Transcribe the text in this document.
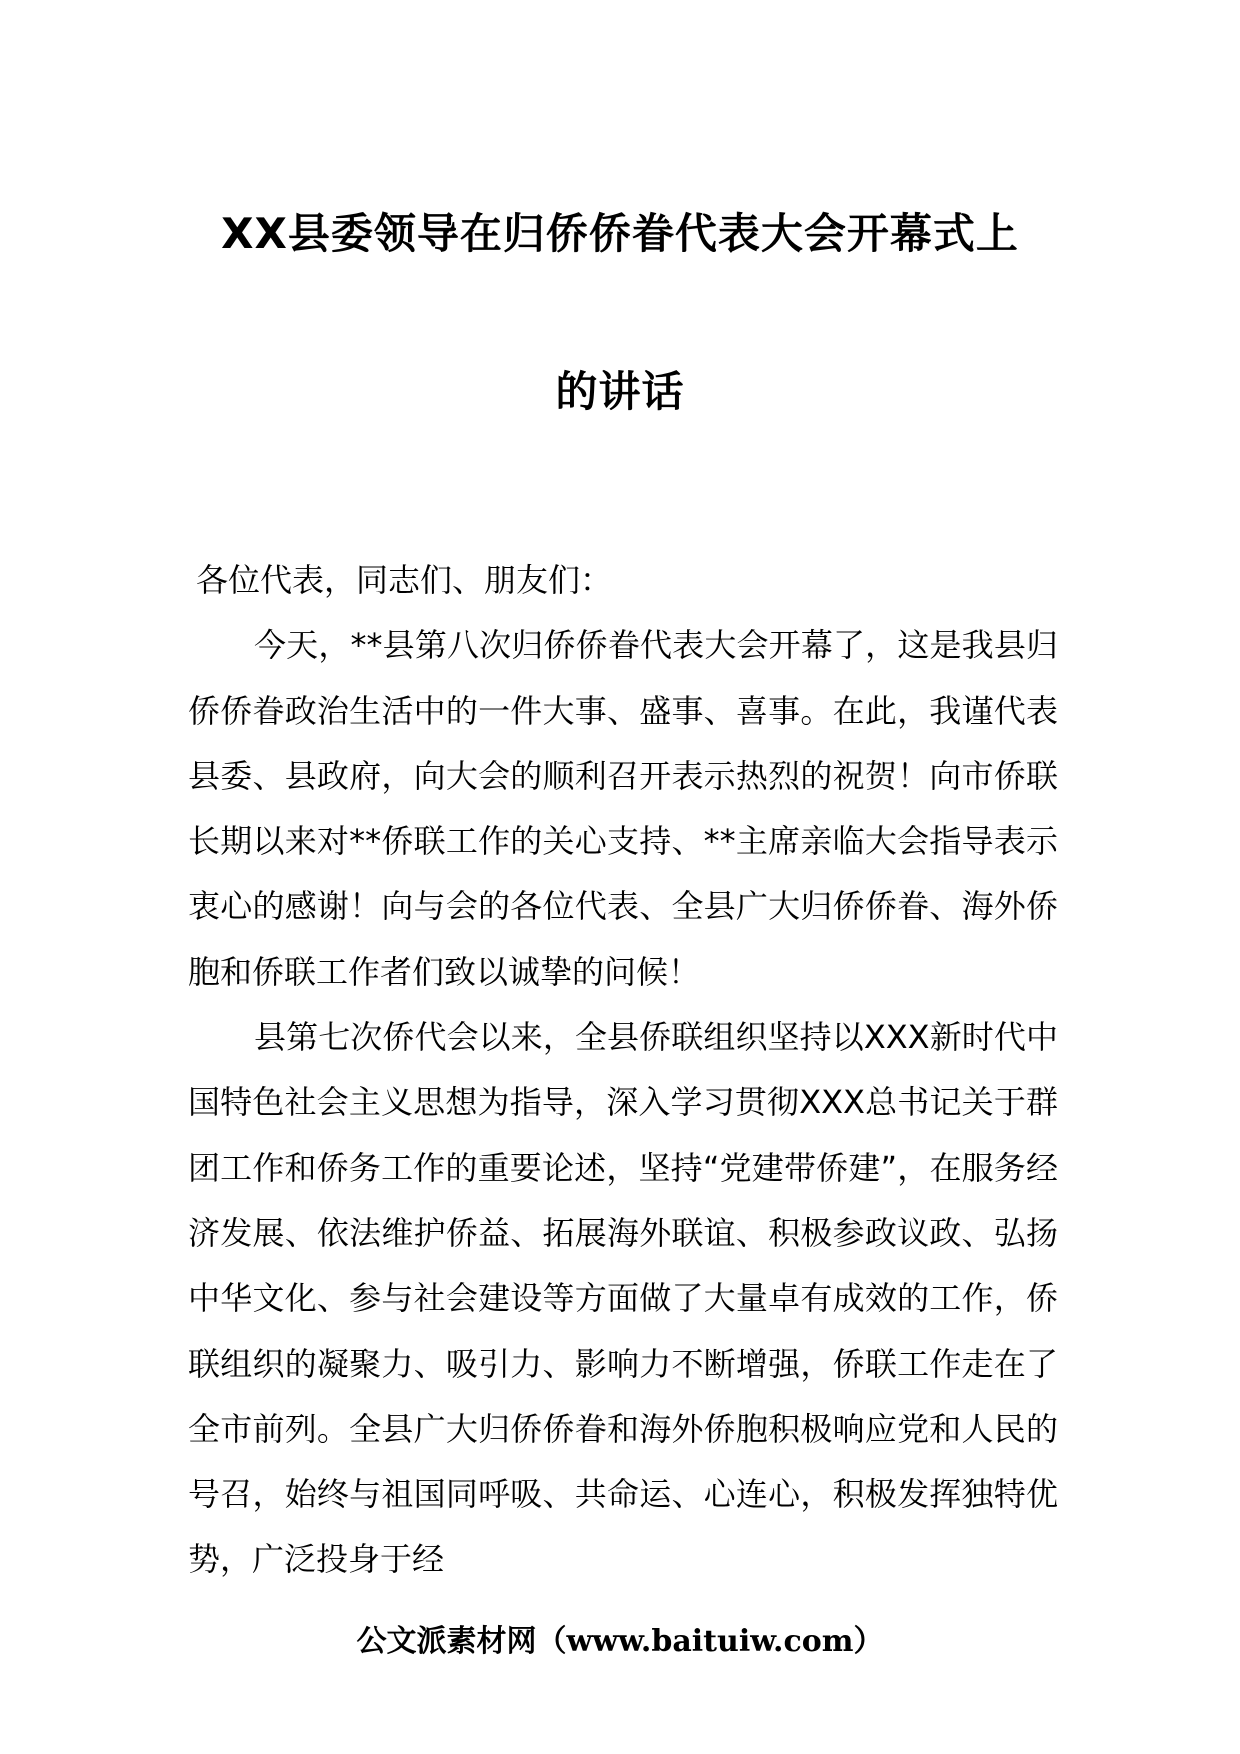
XX县委领导在归侨侨眷代表大会开幕式上
的讲话

各位代表，同志们、朋友们：

今天，**县第八次归侨侨眷代表大会开幕了，这是我县归侨侨眷政治生活中的一件大事、盛事、喜事。在此，我谨代表县委、县政府，向大会的顺利召开表示热烈的祝贺！向市侨联长期以来对**侨联工作的关心支持、**主席亲临大会指导表示衷心的感谢！向与会的各位代表、全县广大归侨侨眷、海外侨胞和侨联工作者们致以诚挚的问候！

县第七次侨代会以来，全县侨联组织坚持以XXX新时代中国特色社会主义思想为指导，深入学习贯彻XXX总书记关于群团工作和侨务工作的重要论述，坚持“党建带侨建”，在服务经济发展、依法维护侨益、拓展海外联谊、积极参政议政、弘扬中华文化、参与社会建设等方面做了大量卓有成效的工作，侨联组织的凝聚力、吸引力、影响力不断增强，侨联工作走在了全市前列。全县广大归侨侨眷和海外侨胞积极响应党和人民的号召，始终与祖国同呼吸、共命运、心连心，积极发挥独特优势，广泛投身于经

公文派素材网（www.baituiw.com）
